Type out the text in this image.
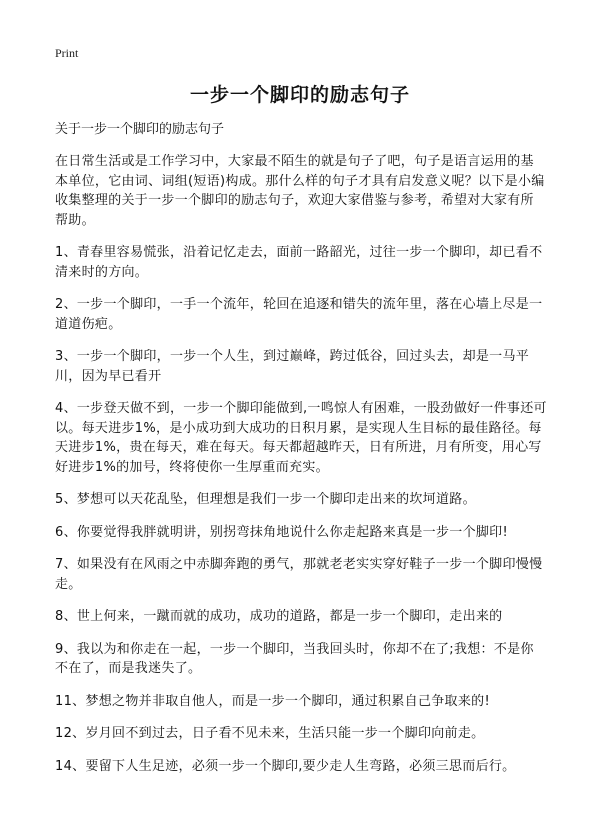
Print
一步一个脚印的励志句子
关于一步一个脚印的励志句子

在日常生活或是工作学习中，大家最不陌生的就是句子了吧，句子是语言运用的基本单位，它由词、词组(短语)构成。那什么样的句子才具有启发意义呢？以下是小编收集整理的关于一步一个脚印的励志句子，欢迎大家借鉴与参考，希望对大家有所帮助。

1、青春里容易慌张，沿着记忆走去，面前一路韶光，过往一步一个脚印，却已看不清来时的方向。

2、一步一个脚印，一手一个流年，轮回在追逐和错失的流年里，落在心墙上尽是一道道伤疤。

3、一步一个脚印，一步一个人生，到过巅峰，跨过低谷，回过头去，却是一马平川，因为早已看开

4、一步登天做不到，一步一个脚印能做到,一鸣惊人有困难，一股劲做好一件事还可以。每天进步1%，是小成功到大成功的日积月累，是实现人生目标的最佳路径。每天进步1%，贵在每天，难在每天。每天都超越昨天，日有所进，月有所变，用心写好进步1%的加号，终将使你一生厚重而充实。

5、梦想可以天花乱坠，但理想是我们一步一个脚印走出来的坎坷道路。

6、你要觉得我胖就明讲，别拐弯抹角地说什么你走起路来真是一步一个脚印!

7、如果没有在风雨之中赤脚奔跑的勇气，那就老老实实穿好鞋子一步一个脚印慢慢走。

8、世上何来，一蹴而就的成功，成功的道路，都是一步一个脚印，走出来的

9、我以为和你走在一起，一步一个脚印，当我回头时，你却不在了;我想：不是你不在了，而是我迷失了。

11、梦想之物并非取自他人，而是一步一个脚印，通过积累自己争取来的!

12、岁月回不到过去，日子看不见未来，生活只能一步一个脚印向前走。

14、要留下人生足迹，必须一步一个脚印,要少走人生弯路，必须三思而后行。
